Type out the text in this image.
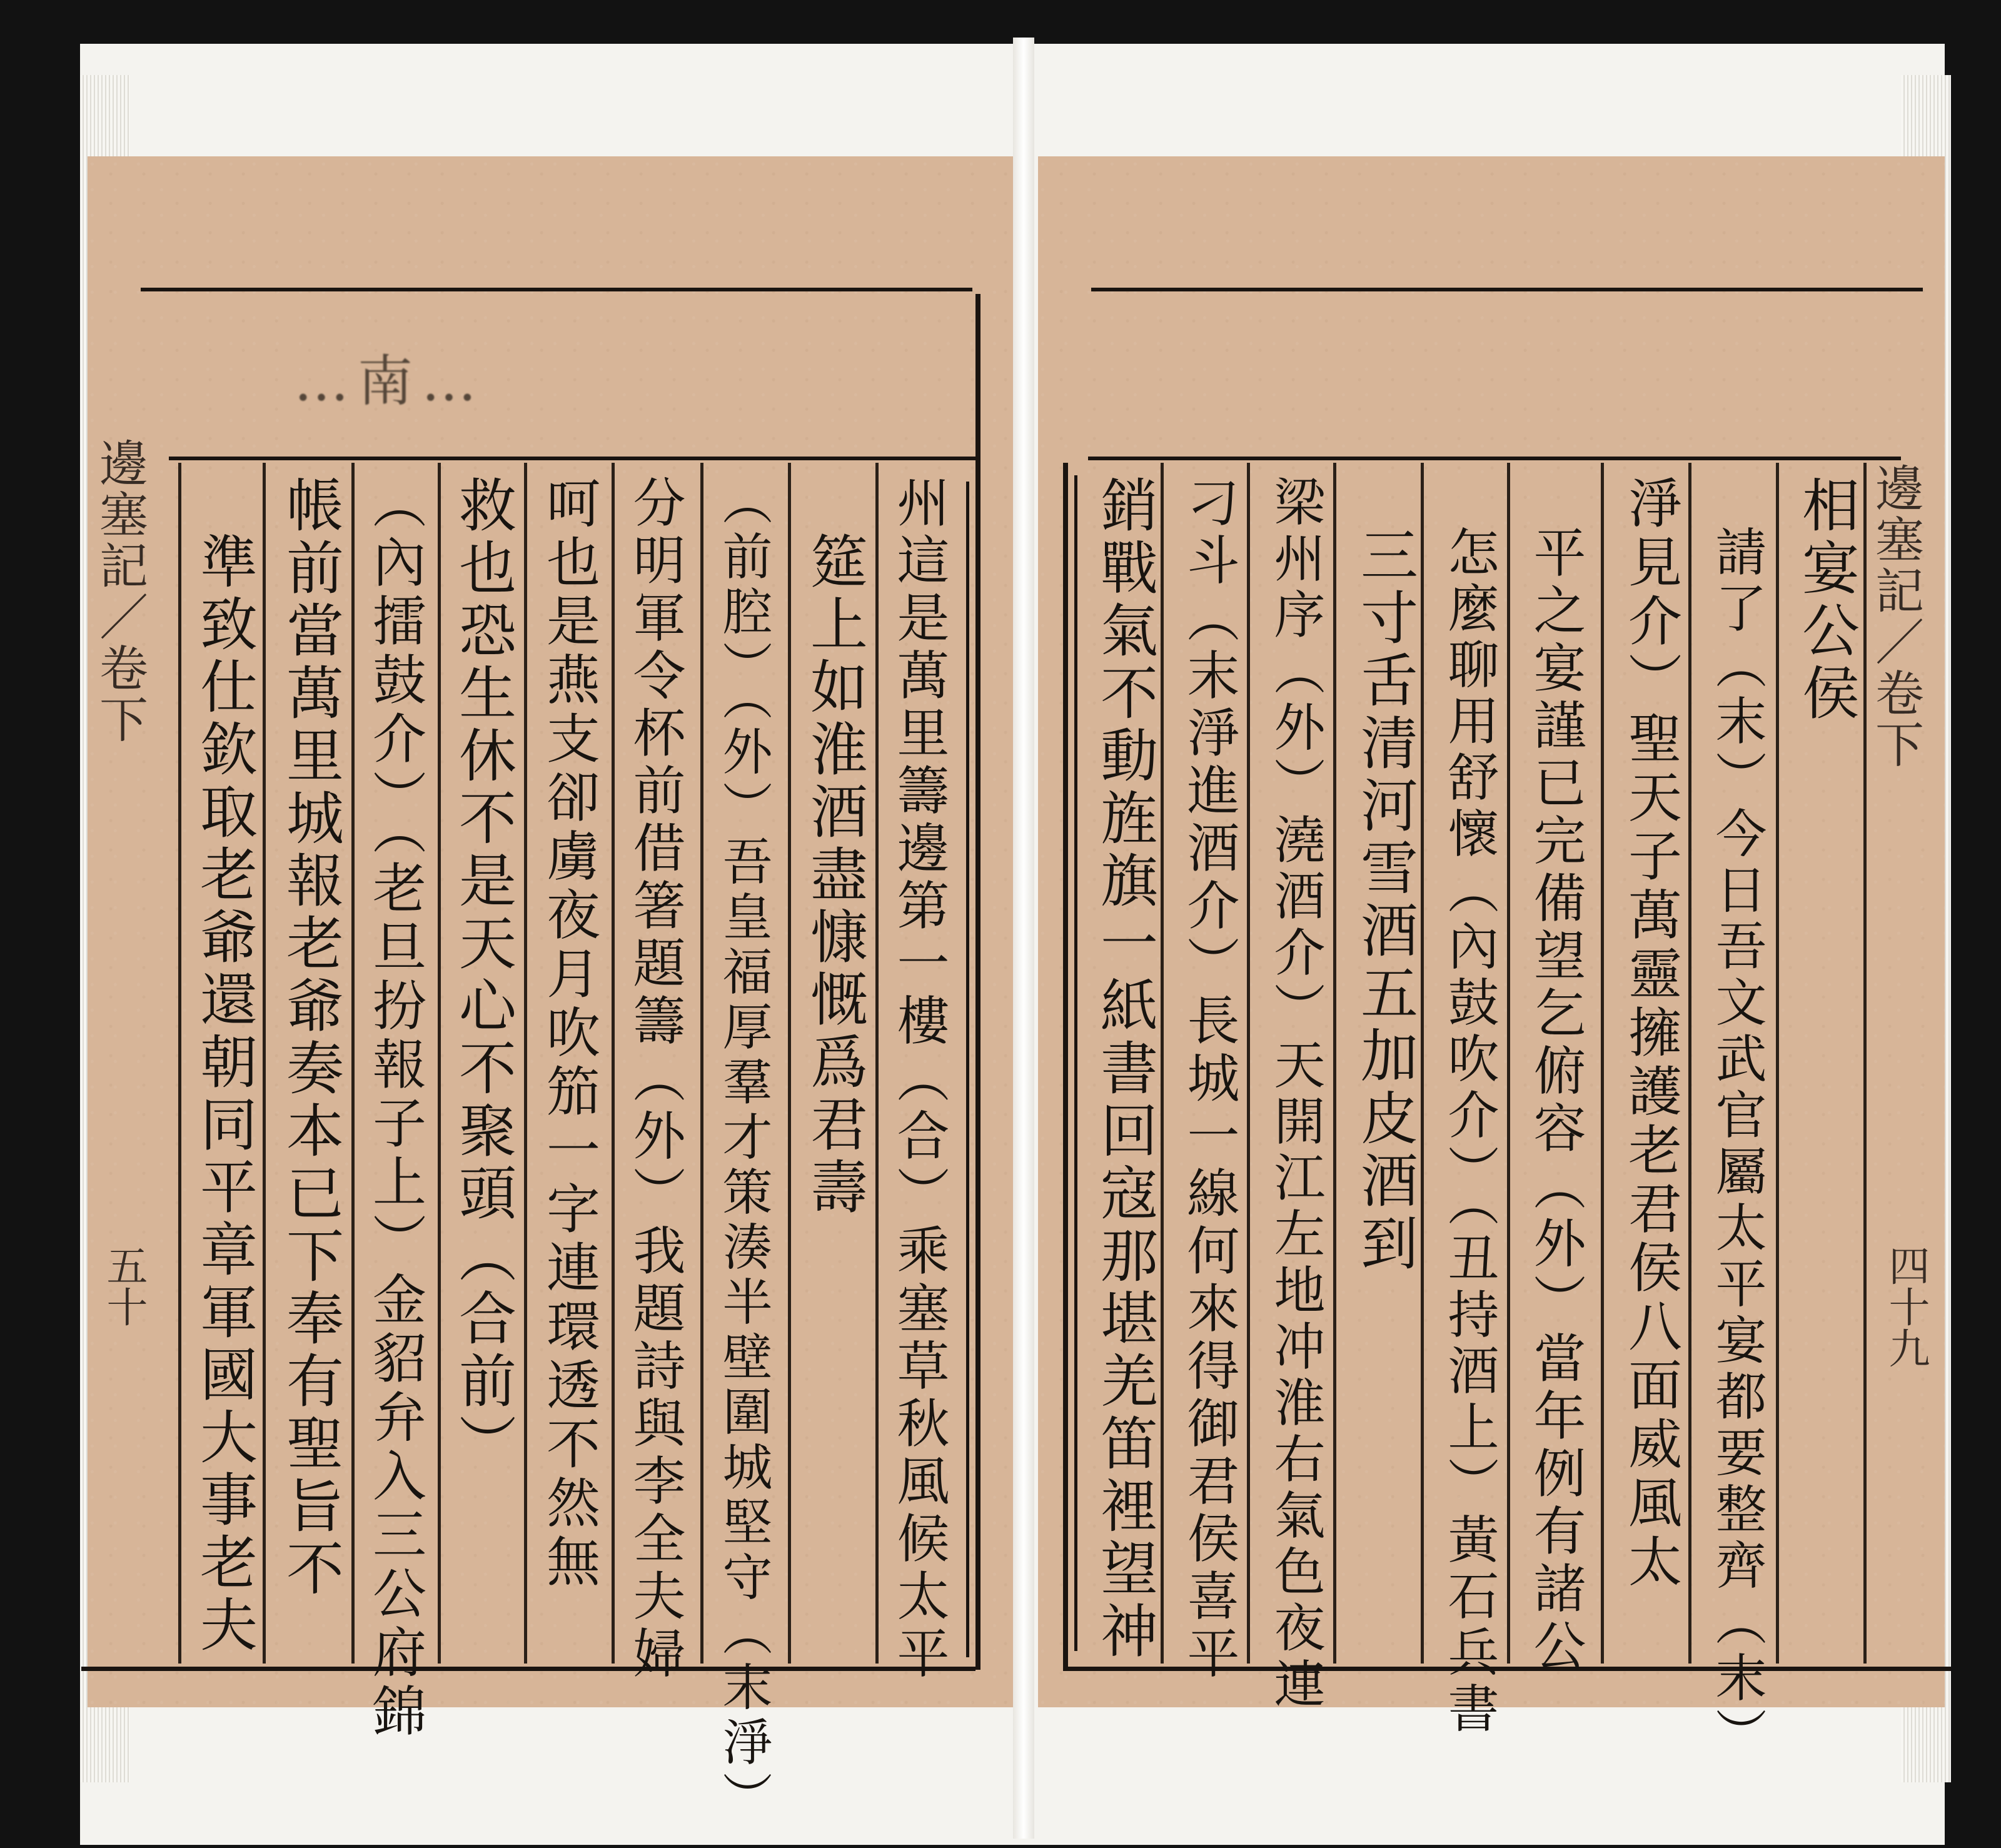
…南…
邊塞記／卷下
五十 準致仕欽取老爺還朝同平章軍國大事老夫 帳前當萬里城報老爺奏本已下奉有聖旨不 （內擂鼓介）（老旦扮報子上）金貂弁入三公府錦 救也恐生休不是天心不聚頭（合前） 呵也是燕支卻虜夜月吹笳一字連環透不然無 分明軍令杯前借箸題籌（外）我題詩與李全夫婦 （前腔）（外）吾皇福厚羣才策湊半壁圍城堅守（末淨） 筵上如淮酒盡慷慨爲君壽 州這是萬里籌邊第一樓（合）乘塞草秋風候太平	邊塞記／卷下
四十九
相宴公侯
請了（末）今日吾文武官屬太平宴都要整齊（末）
淨見介）聖天子萬靈擁護老君侯八面威風太
平之宴謹已完備望乞俯容（外）當年例有諸公
怎麼聊用舒懷（內鼓吹介）（丑持酒上）黃石兵書
三寸舌清河雪酒五加皮酒到
梁州序（外）澆酒介）天開江左地冲淮右氣色夜連
刁斗（末淨進酒介）長城一線何來得御君侯喜平
銷戰氣不動旌旗一紙書回寇那堪羌笛裡望神
